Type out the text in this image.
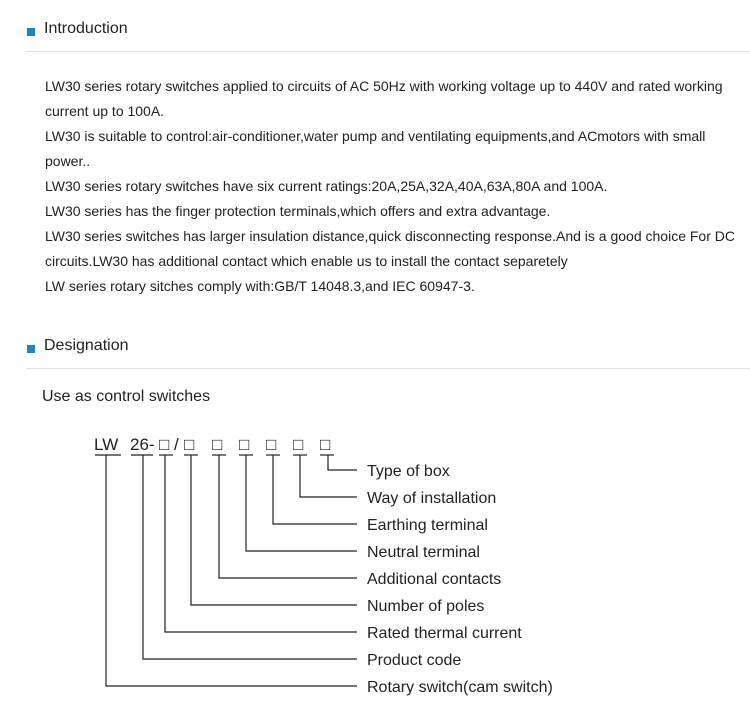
Introduction

LW30 series rotary switches applied to circuits of AC 50Hz with working voltage up to 440V and rated working current up to 100A.

LW30 is suitable to control:air-conditioner,water pump and ventilating equipments,and ACmotors with small power..

LW30 series rotary switches have six current ratings:20A,25A,32A,40A,63A,80A and 100A.

LW30 series has the finger protection terminals,which offers and extra advantage.

LW30 series switches has larger insulation distance,quick disconnecting response.And is a good choice For DC circuits.LW30 has additional contact which enable us to install the contact separetely

LW series rotary sitches comply with:GB/T 14048.3,and IEC 60947-3.

Designation
Use as control switches
LW 26- □ / □ □ □ □ □ □
Type of box
Way of installation
Earthing terminal
Neutral terminal
Additional contacts
Number of poles
Rated thermal current
Product code
Rotary switch(cam switch)
